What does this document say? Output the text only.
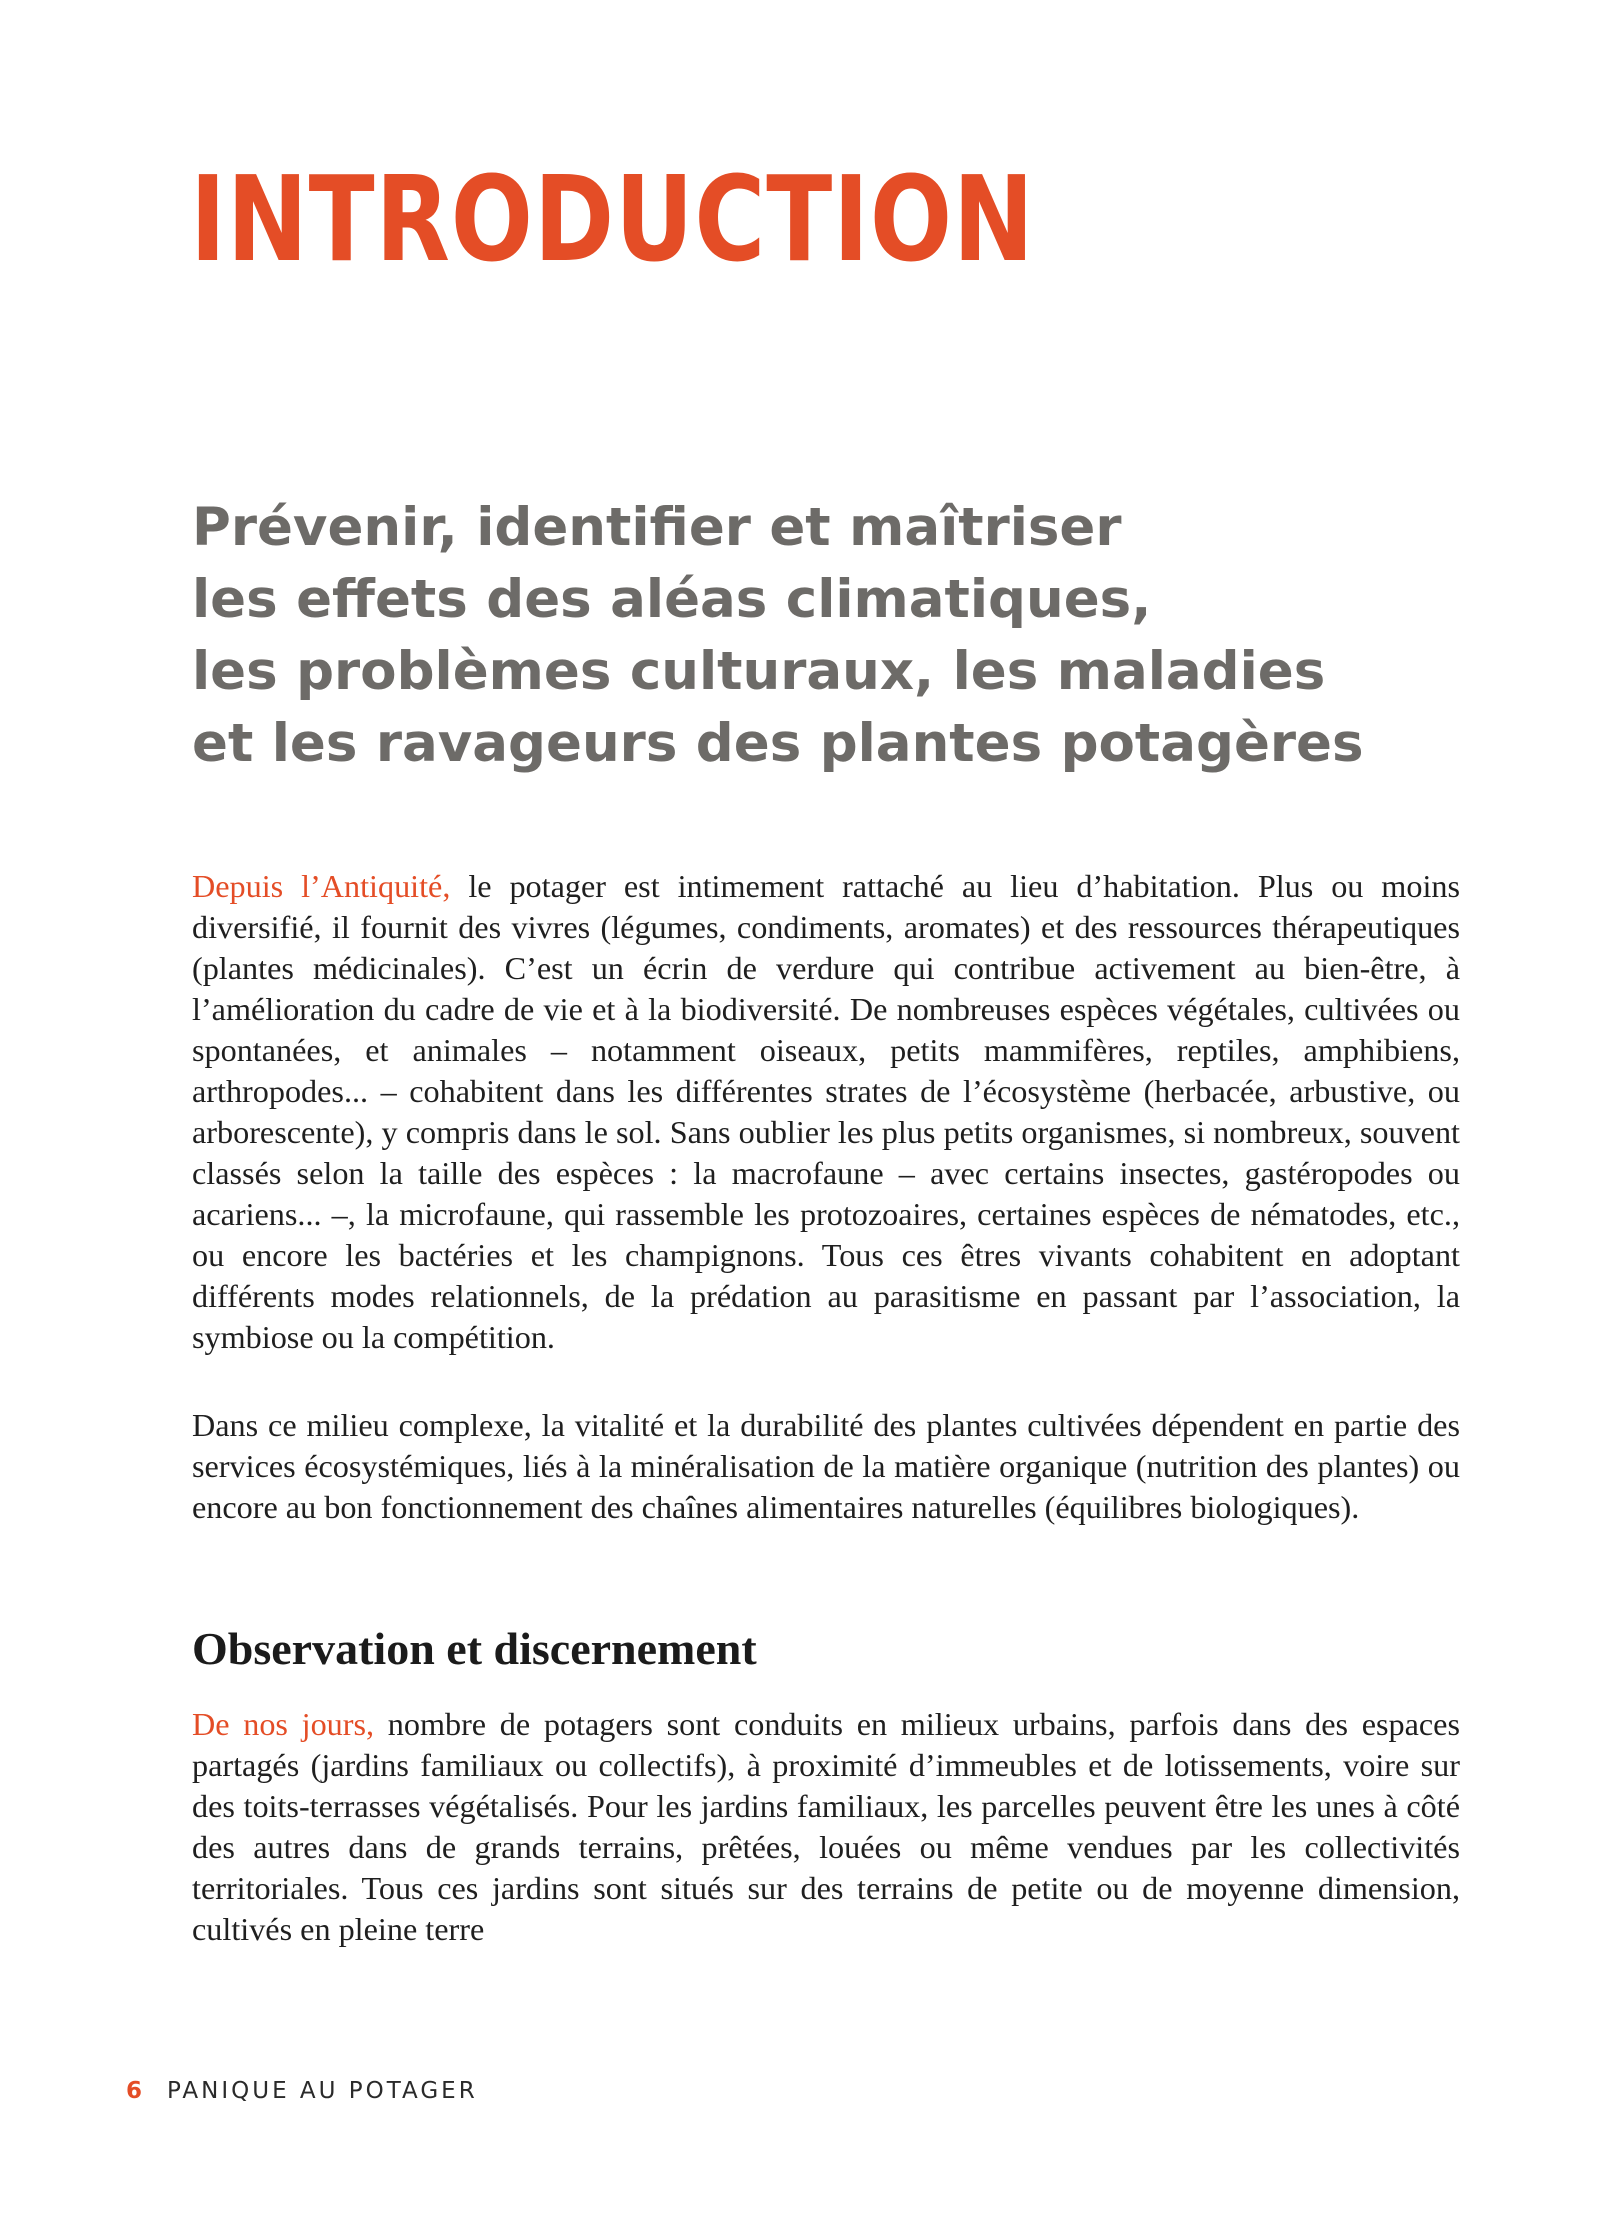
INTRODUCTION
Prévenir, identifier et maîtriser
les effets des aléas climatiques,
les problèmes culturaux, les maladies
et les ravageurs des plantes potagères

Depuis l’Antiquité, le potager est intimement rattaché au lieu d’habitation. Plus ou moins diversifié, il fournit des vivres (légumes, condiments, aromates) et des ressources thérapeutiques (plantes médicinales). C’est un écrin de verdure qui contribue activement au bien-être, à l’amélioration du cadre de vie et à la biodiversité. De nombreuses espèces végétales, cultivées ou spontanées, et animales – notamment oiseaux, petits mammifères, reptiles, amphibiens, arthropodes... – cohabitent dans les différentes strates de l’écosystème (herbacée, arbustive, ou arborescente), y compris dans le sol. Sans oublier les plus petits organismes, si nombreux, souvent classés selon la taille des espèces : la macrofaune – avec certains insectes, gastéropodes ou acariens... –, la microfaune, qui rassemble les protozoaires, certaines espèces de nématodes, etc., ou encore les bactéries et les champignons. Tous ces êtres vivants cohabitent en adoptant différents modes relationnels, de la prédation au parasitisme en passant par l’association, la symbiose ou la compétition.

Dans ce milieu complexe, la vitalité et la durabilité des plantes cultivées dépendent en partie des services écosystémiques, liés à la minéralisation de la matière organique (nutrition des plantes) ou encore au bon fonctionnement des chaînes alimentaires naturelles (équilibres biologiques).

Observation et discernement

De nos jours, nombre de potagers sont conduits en milieux urbains, parfois dans des espaces partagés (jardins familiaux ou collectifs), à proximité d’immeubles et de lotissements, voire sur des toits-terrasses végétalisés. Pour les jardins familiaux, les parcelles peuvent être les unes à côté des autres dans de grands terrains, prêtées, louées ou même vendues par les collectivités territoriales. Tous ces jardins sont situés sur des terrains de petite ou de moyenne dimension, cultivés en pleine terre

6 PANIQUE AU POTAGER
